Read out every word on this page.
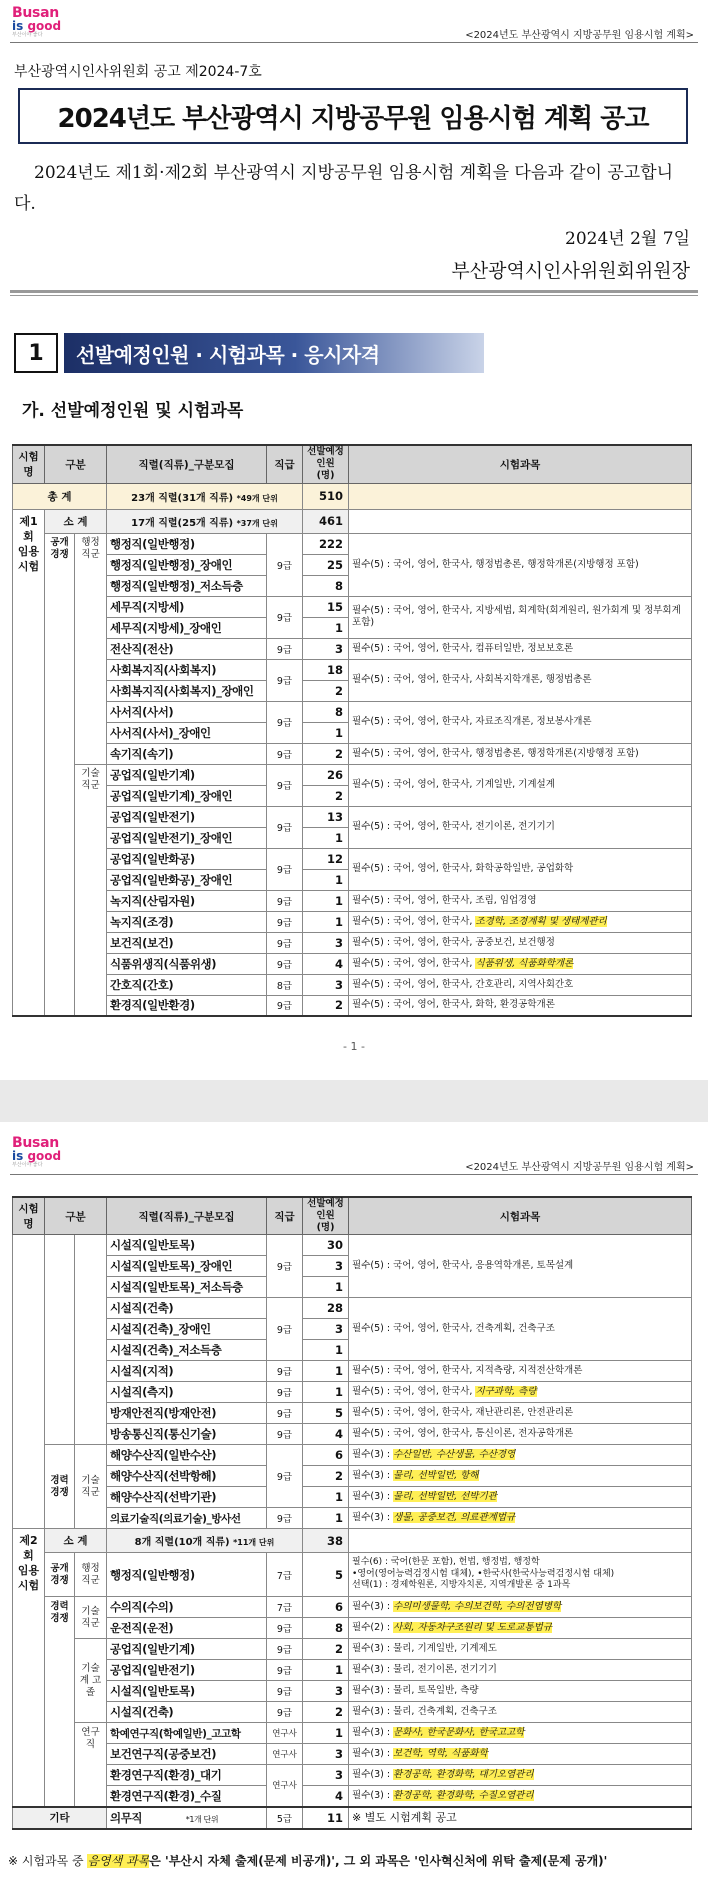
Busan
is good
부산이야 좋다	<2024년도 부산광역시 지방공무원 임용시험 계획>
부산광역시인사위원회 공고 제2024-7호
2024년도 부산광역시 지방공무원 임용시험 계획 공고
2024년도 제1회·제2회 부산광역시 지방공무원 임용시험 계획을 다음과 같이 공고합니다.
2024년 2월 7일
부산광역시인사위원회위원장
1	선발예정인원 · 시험과목 · 응시자격
가. 선발예정인원 및 시험과목
시험명	구분		직렬(직류)_구분모집	직급	선발예정 인원 (명)	시험과목
총 계			23개 직렬(31개 직류) *49개 단위		510	
제1회 임용 시험	소 계		17개 직렬(25개 직류) *37개 단위		461	
	공개 경쟁	행정 직군	행정직(일반행정)	9급	222	필수(5) : 국어, 영어, 한국사, 행정법총론, 행정학개론(지방행정 포함)
			행정직(일반행정)_장애인		25	
			행정직(일반행정)_저소득층		8	
			세무직(지방세)	9급	15	필수(5) : 국어, 영어, 한국사, 지방세법, 회계학(회계원리, 원가회계 및 정부회계 포함)
			세무직(지방세)_장애인		1	
			전산직(전산)	9급	3	필수(5) : 국어, 영어, 한국사, 컴퓨터일반, 정보보호론
			사회복지직(사회복지)	9급	18	필수(5) : 국어, 영어, 한국사, 사회복지학개론, 행정법총론
			사회복지직(사회복지)_장애인		2	
			사서직(사서)	9급	8	필수(5) : 국어, 영어, 한국사, 자료조직개론, 정보봉사개론
			사서직(사서)_장애인		1	
			속기직(속기)	9급	2	필수(5) : 국어, 영어, 한국사, 행정법총론, 행정학개론(지방행정 포함)
		기술 직군	공업직(일반기계)	9급	26	필수(5) : 국어, 영어, 한국사, 기계일반, 기계설계
			공업직(일반기계)_장애인		2	
			공업직(일반전기)	9급	13	필수(5) : 국어, 영어, 한국사, 전기이론, 전기기기
			공업직(일반전기)_장애인		1	
			공업직(일반화공)	9급	12	필수(5) : 국어, 영어, 한국사, 화학공학일반, 공업화학
			공업직(일반화공)_장애인		1	
			녹지직(산림자원)	9급	1	필수(5) : 국어, 영어, 한국사, 조림, 임업경영
			녹지직(조경)	9급	1	필수(5) : 국어, 영어, 한국사, 조경학, 조경계획 및 생태계관리
			보건직(보건)	9급	3	필수(5) : 국어, 영어, 한국사, 공중보건, 보건행정
			식품위생직(식품위생)	9급	4	필수(5) : 국어, 영어, 한국사, 식품위생, 식품화학개론
			간호직(간호)	8급	3	필수(5) : 국어, 영어, 한국사, 간호관리, 지역사회간호
			환경직(일반환경)	9급	2	필수(5) : 국어, 영어, 한국사, 화학, 환경공학개론
- 1 -
Busan
is good
부산이야 좋다	<2024년도 부산광역시 지방공무원 임용시험 계획>
시험명	구분		직렬(직류)_구분모집	직급	선발예정 인원 (명)	시험과목
			시설직(일반토목)	9급	30	필수(5) : 국어, 영어, 한국사, 응용역학개론, 토목설계
			시설직(일반토목)_장애인		3	
			시설직(일반토목)_저소득층		1	
			시설직(건축)	9급	28	필수(5) : 국어, 영어, 한국사, 건축계획, 건축구조
			시설직(건축)_장애인		3	
			시설직(건축)_저소득층		1	
			시설직(지적)	9급	1	필수(5) : 국어, 영어, 한국사, 지적측량, 지적전산학개론
			시설직(측지)	9급	1	필수(5) : 국어, 영어, 한국사, 지구과학, 측량
			방재안전직(방재안전)	9급	5	필수(5) : 국어, 영어, 한국사, 재난관리론, 안전관리론
			방송통신직(통신기술)	9급	4	필수(5) : 국어, 영어, 한국사, 통신이론, 전자공학개론
	경력 경쟁	기술 직군	해양수산직(일반수산)	9급	6	필수(3) : 수산일반, 수산생물, 수산경영
			해양수산직(선박항해)		2	필수(3) : 물리, 선박일반, 항해
			해양수산직(선박기관)		1	필수(3) : 물리, 선박일반, 선박기관
			의료기술직(의료기술)_방사선	9급	1	필수(3) : 생물, 공중보건, 의료관계법규
제2회 임용 시험	소 계		8개 직렬(10개 직류) *11개 단위		38	
	공개 경쟁	행정 직군	행정직(일반행정)	7급	5	필수(6) : 국어(한문 포함), 헌법, 행정법, 행정학
•영어(영어능력검정시험 대체), •한국사(한국사능력검정시험 대체)
선택(1) : 경제학원론, 지방자치론, 지역개발론 중 1과목

	경력 경쟁	기술 직군	수의직(수의)	7급	6	필수(3) : 수의미생물학, 수의보건학, 수의전염병학
			운전직(운전)	9급	8	필수(2) : 사회, 자동차구조원리 및 도로교통법규
		기술계 고 졸	공업직(일반기계)	9급	2	필수(3) : 물리, 기계일반, 기계제도
			공업직(일반전기)	9급	1	필수(3) : 물리, 전기이론, 전기기기
			시설직(일반토목)	9급	3	필수(3) : 물리, 토목일반, 측량
			시설직(건축)	9급	2	필수(3) : 물리, 건축계획, 건축구조
		연구직	학예연구직(학예일반)_고고학	연구사	1	필수(3) : 문화사, 한국문화사, 한국고고학
			보건연구직(공중보건)	연구사	3	필수(3) : 보건학, 역학, 식품화학
			환경연구직(환경)_대기	연구사	3	필수(3) : 환경공학, 환경화학, 대기오염관리
			환경연구직(환경)_수질		4	필수(3) : 환경공학, 환경화학, 수질오염관리
기타			의무직 *1개 단위	5급	11	※ 별도 시험계획 공고
※ 시험과목 중 음영색 과목은 '부산시 자체 출제(문제 비공개)', 그 외 과목은 '인사혁신처에 위탁 출제(문제 공개)'
